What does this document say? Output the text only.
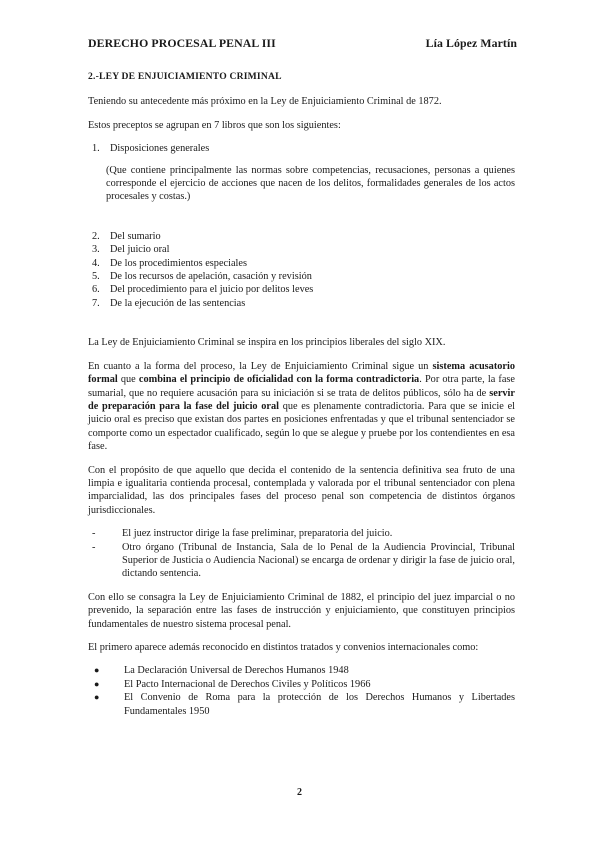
DERECHO PROCESAL PENAL III	Lía López Martín
2.-LEY DE ENJUICIAMIENTO CRIMINAL

Teniendo su antecedente más próximo en la Ley de Enjuiciamiento Criminal de 1872.

Estos preceptos se agrupan en 7 libros que son los siguientes:

1. Disposiciones generales
(Que contiene principalmente las normas sobre competencias, recusaciones, personas a quienes corresponde el ejercicio de acciones que nacen de los delitos, formalidades generales de los actos procesales y costas.)
2. Del sumario
3. Del juicio oral
4. De los procedimientos especiales
5. De los recursos de apelación, casación y revisión
6. Del procedimiento para el juicio por delitos leves
7. De la ejecución de las sentencias

La Ley de Enjuiciamiento Criminal se inspira en los principios liberales del siglo XIX.

En cuanto a la forma del proceso, la Ley de Enjuiciamiento Criminal sigue un sistema acusatorio formal que combina el principio de oficialidad con la forma contradictoria. Por otra parte, la fase sumarial, que no requiere acusación para su iniciación si se trata de delitos públicos, sólo ha de servir de preparación para la fase del juicio oral que es plenamente contradictoria. Para que se inicie el juicio oral es preciso que existan dos partes en posiciones enfrentadas y que el tribunal sentenciador se comporte como un espectador cualificado, según lo que se alegue y pruebe por los contendientes en esa fase.

Con el propósito de que aquello que decida el contenido de la sentencia definitiva sea fruto de una limpia e igualitaria contienda procesal, contemplada y valorada por el tribunal sentenciador con plena imparcialidad, las dos principales fases del proceso penal son competencia de distintos órganos jurisdiccionales.

-	El juez instructor dirige la fase preliminar, preparatoria del juicio.
-	Otro órgano (Tribunal de Instancia, Sala de lo Penal de la Audiencia Provincial, Tribunal Superior de Justicia o Audiencia Nacional) se encarga de ordenar y dirigir la fase de juicio oral, dictando sentencia.

Con ello se consagra la Ley de Enjuiciamiento Criminal de 1882, el principio del juez imparcial o no prevenido, la separación entre las fases de instrucción y enjuiciamiento, que constituyen principios fundamentales de nuestro sistema procesal penal.

El primero aparece además reconocido en distintos tratados y convenios internacionales como:

●	La Declaración Universal de Derechos Humanos 1948
●	El Pacto Internacional de Derechos Civiles y Políticos 1966
●	El Convenio de Roma para la protección de los Derechos Humanos y Libertades Fundamentales 1950
2
